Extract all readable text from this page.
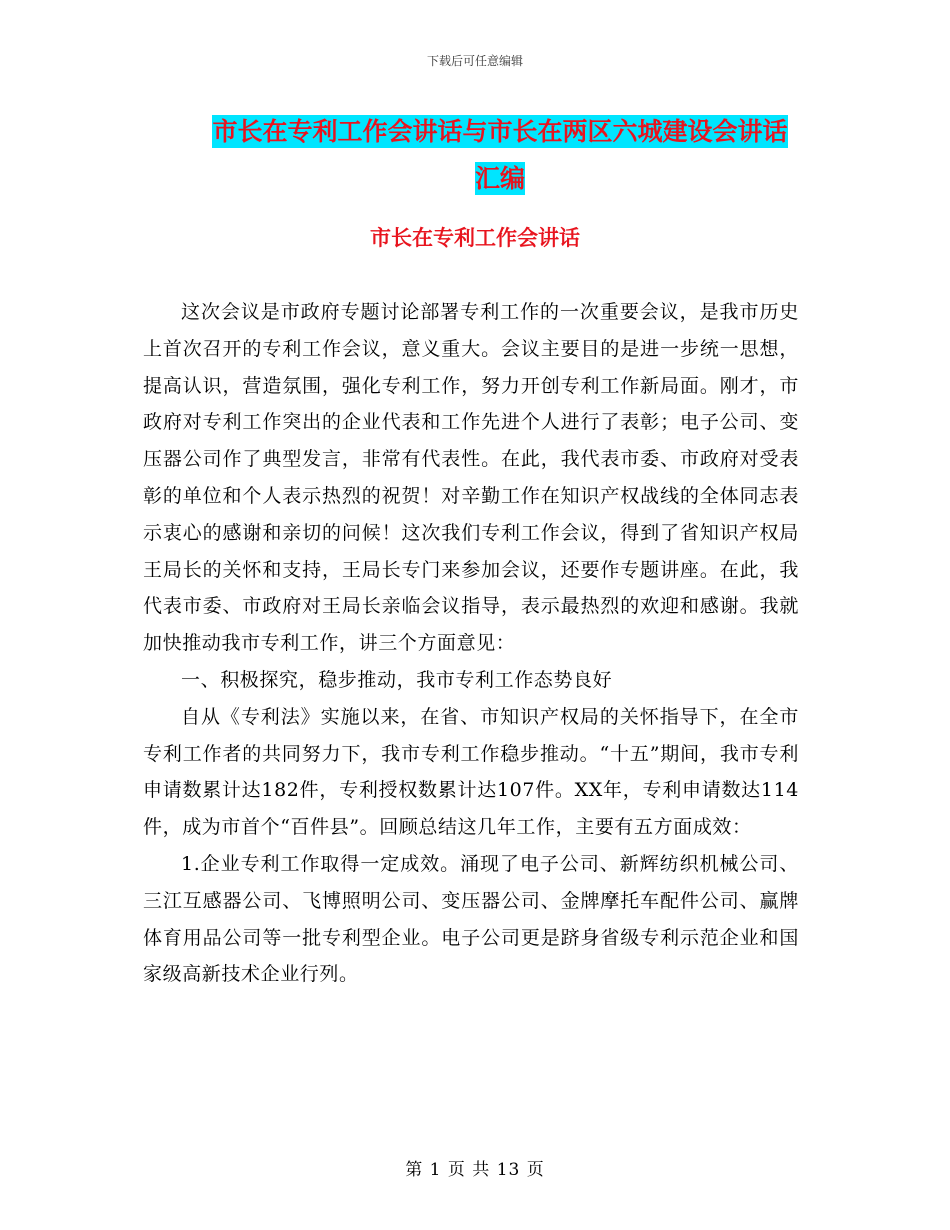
下载后可任意编辑
市长在专利工作会讲话与市长在两区六城建设会讲话
汇编
市长在专利工作会讲话

这次会议是市政府专题讨论部署专利工作的一次重要会议，是我市历史上首次召开的专利工作会议，意义重大。会议主要目的是进一步统一思想，提高认识，营造氛围，强化专利工作，努力开创专利工作新局面。刚才，市政府对专利工作突出的企业代表和工作先进个人进行了表彰；电子公司、变压器公司作了典型发言，非常有代表性。在此，我代表市委、市政府对受表彰的单位和个人表示热烈的祝贺！对辛勤工作在知识产权战线的全体同志表示衷心的感谢和亲切的问候！这次我们专利工作会议，得到了省知识产权局王局长的关怀和支持，王局长专门来参加会议，还要作专题讲座。在此，我代表市委、市政府对王局长亲临会议指导，表示最热烈的欢迎和感谢。我就加快推动我市专利工作，讲三个方面意见：

一、积极探究，稳步推动，我市专利工作态势良好

自从《专利法》实施以来，在省、市知识产权局的关怀指导下，在全市专利工作者的共同努力下，我市专利工作稳步推动。“十五”期间，我市专利申请数累计达182件，专利授权数累计达107件。XX年，专利申请数达114件，成为市首个“百件县”。回顾总结这几年工作，主要有五方面成效：

1.企业专利工作取得一定成效。涌现了电子公司、新辉纺织机械公司、三江互感器公司、飞博照明公司、变压器公司、金牌摩托车配件公司、赢牌体育用品公司等一批专利型企业。电子公司更是跻身省级专利示范企业和国家级高新技术企业行列。

第 1 页 共 13 页
